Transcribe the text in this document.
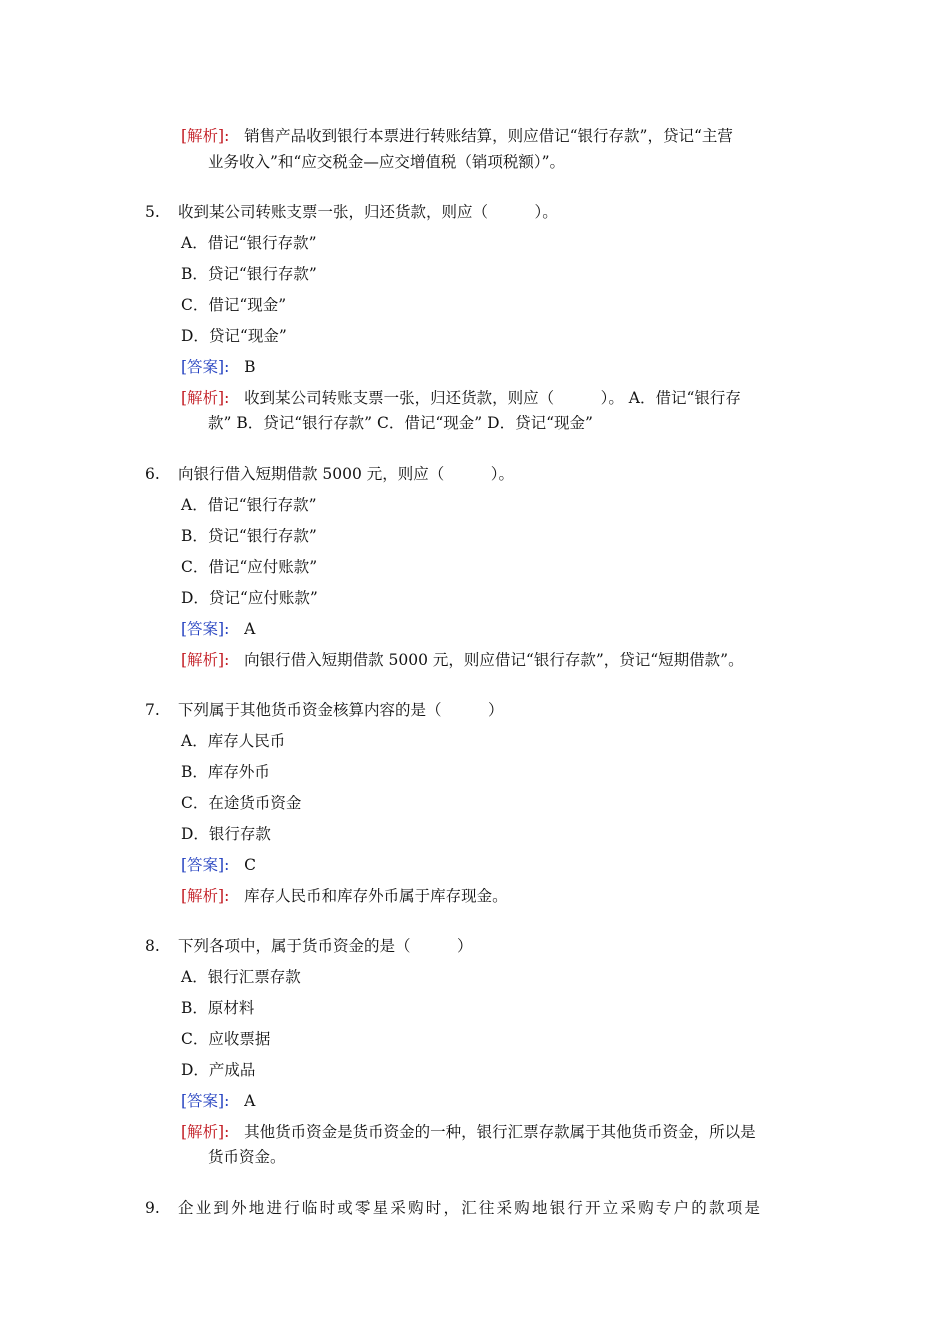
[解析]: 销售产品收到银行本票进行转账结算，则应借记“银行存款”，贷记“主营
业务收入”和“应交税金—应交增值税（销项税额）”。
5.	收到某公司转账支票一张，归还货款，则应（　　　）。
A．借记“银行存款”
B．贷记“银行存款”
C．借记“现金”
D．贷记“现金”
[答案]: B
[解析]: 收到某公司转账支票一张，归还货款，则应（　　　）。 A．借记“银行存
款” B．贷记“银行存款” C．借记“现金” D．贷记“现金”
6.	向银行借入短期借款 5000 元，则应（　　　）。
A．借记“银行存款”
B．贷记“银行存款”
C．借记“应付账款”
D．贷记“应付账款”
[答案]: A
[解析]: 向银行借入短期借款 5000 元，则应借记“银行存款”，贷记“短期借款”。
7.	下列属于其他货币资金核算内容的是（　　　）
A．库存人民币
B．库存外币
C．在途货币资金
D．银行存款
[答案]: C
[解析]: 库存人民币和库存外币属于库存现金。
8.	下列各项中，属于货币资金的是（　　　）
A．银行汇票存款
B．原材料
C．应收票据
D．产成品
[答案]: A
[解析]: 其他货币资金是货币资金的一种，银行汇票存款属于其他货币资金，所以是
货币资金。
9.	企业到外地进行临时或零星采购时，汇往采购地银行开立采购专户的款项是
